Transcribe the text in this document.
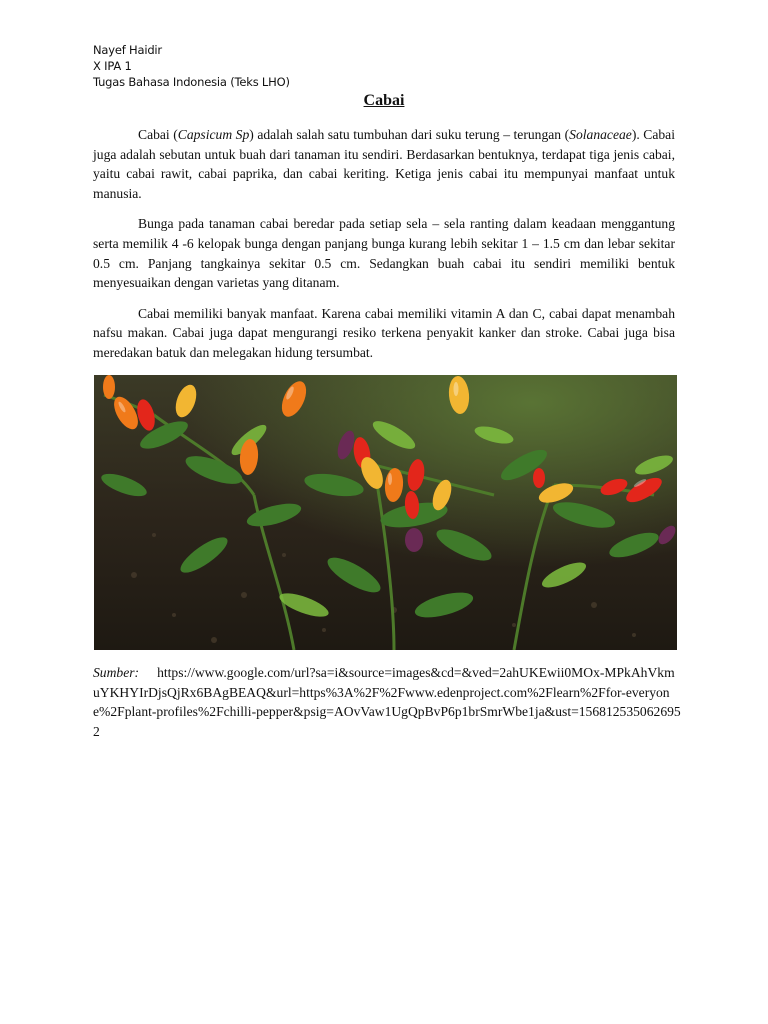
Nayef Haidir
X IPA 1
Tugas Bahasa Indonesia (Teks LHO)
Cabai

Cabai (Capsicum Sp) adalah salah satu tumbuhan dari suku terung – terungan (Solanaceae). Cabai juga adalah sebutan untuk buah dari tanaman itu sendiri. Berdasarkan bentuknya, terdapat tiga jenis cabai, yaitu cabai rawit, cabai paprika, dan cabai keriting. Ketiga jenis cabai itu mempunyai manfaat untuk manusia.

Bunga pada tanaman cabai beredar pada setiap sela – sela ranting dalam keadaan menggantung serta memilik 4 -6 kelopak bunga dengan panjang bunga kurang lebih sekitar 1 – 1.5 cm dan lebar sekitar 0.5 cm. Panjang tangkainya sekitar 0.5 cm. Sedangkan buah cabai itu sendiri memiliki bentuk menyesuaikan dengan varietas yang ditanam.

Cabai memiliki banyak manfaat. Karena cabai memiliki vitamin A dan C, cabai dapat menambah nafsu makan. Cabai juga dapat mengurangi resiko terkena penyakit kanker dan stroke. Cabai juga bisa meredakan batuk dan melegakan hidung tersumbat.

Sumber: https://www.google.com/url?sa=i&source=images&cd=&ved=2ahUKEwii0MOx-MPkAhVkmuYKHYIrDjsQjRx6BAgBEAQ&url=https%3A%2F%2Fwww.edenproject.com%2Flearn%2Ffor-everyone%2Fplant-profiles%2Fchilli-pepper&psig=AOvVaw1UgQpBvP6p1brSmrWbe1ja&ust=1568125350626952
